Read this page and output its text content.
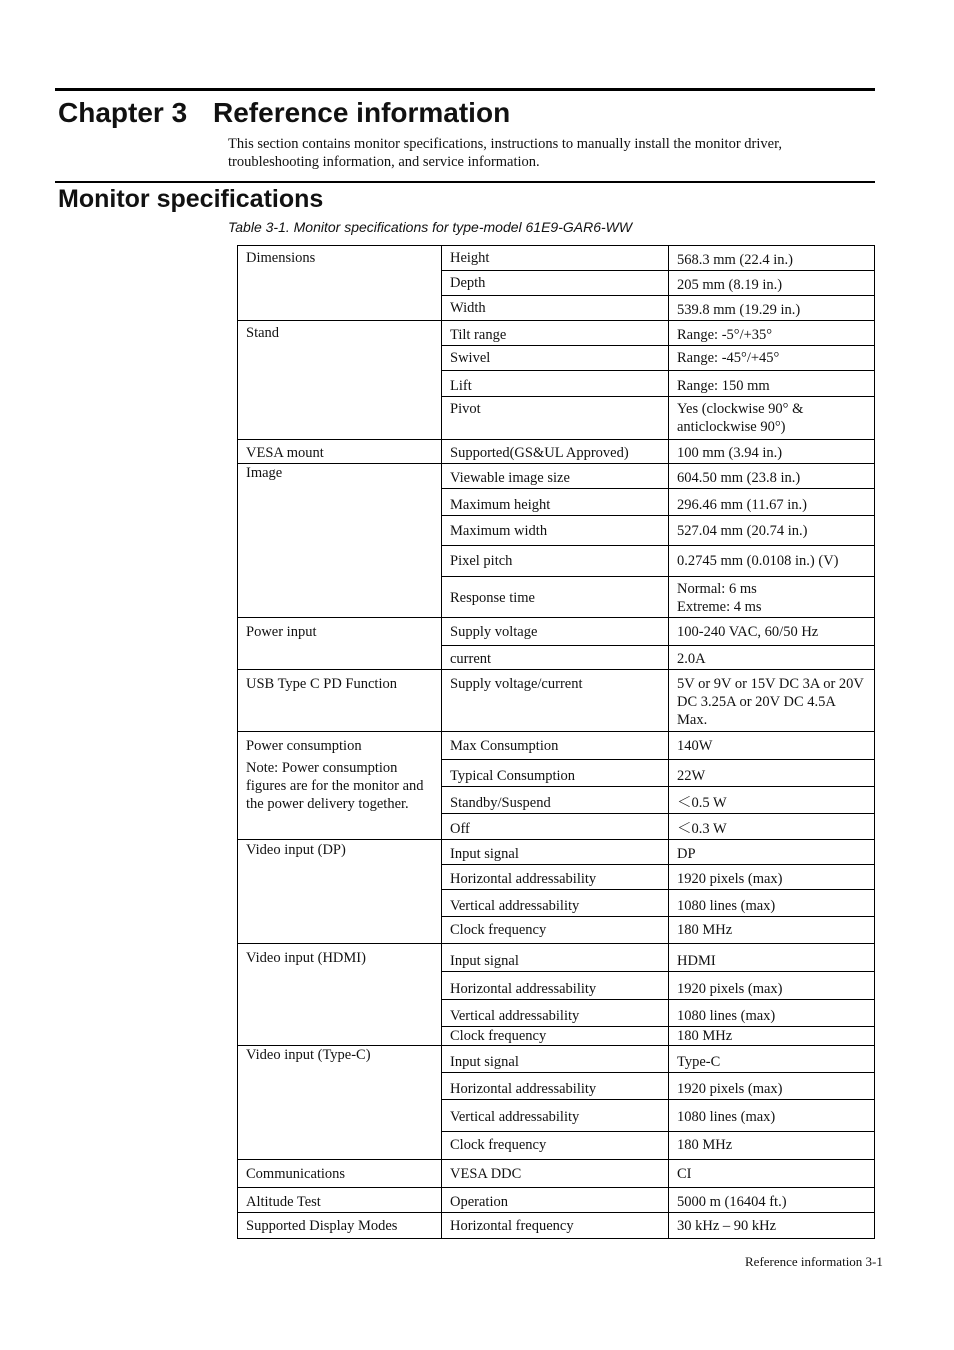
Chapter 3 Reference information

This section contains monitor specifications, instructions to manually install the monitor driver, troubleshooting information, and service information.

Monitor specifications

Table 3-1. Monitor specifications for type-model 61E9-GAR6-WW

Dimensions	Height	568.3 mm (22.4 in.)
	Depth	205 mm (8.19 in.)
	Width	539.8 mm (19.29 in.)
Stand	Tilt range	Range: -5°/+35°
	Swivel	Range: -45°/+45°
	Lift	Range: 150 mm
	Pivot	Yes (clockwise 90° & anticlockwise 90°)
VESA mount	Supported(GS&UL Approved)	100 mm (3.94 in.)
Image	Viewable image size	604.50 mm (23.8 in.)
	Maximum height	296.46 mm (11.67 in.)
	Maximum width	527.04 mm (20.74 in.)
	Pixel pitch	0.2745 mm (0.0108 in.) (V)
	Response time	Normal: 6 ms
Extreme: 4 ms

Power input	Supply voltage	100-240 VAC, 60/50 Hz
	current	2.0A
USB Type C PD Function	Supply voltage/current	5V or 9V or 15V DC 3A or 20V DC 3.25A or 20V DC 4.5A Max.

Power consumption
Note: Power consumption figures are for the monitor and the power delivery together.	Max Consumption	140W
	Typical Consumption	22W
	Standby/Suspend	＜0.5 W
	Off	＜0.3 W
Video input (DP)	Input signal	DP
	Horizontal addressability	1920 pixels (max)
	Vertical addressability	1080 lines (max)
	Clock frequency	180 MHz
Video input (HDMI)	Input signal	HDMI
	Horizontal addressability	1920 pixels (max)
	Vertical addressability	1080 lines (max)
	Clock frequency	180 MHz
Video input (Type-C)	Input signal	Type-C
	Horizontal addressability	1920 pixels (max)
	Vertical addressability	1080 lines (max)
	Clock frequency	180 MHz
Communications	VESA DDC	CI
Altitude Test	Operation	5000 m (16404 ft.)
Supported Display Modes	Horizontal frequency	30 kHz – 90 kHz
Reference information 3-1
